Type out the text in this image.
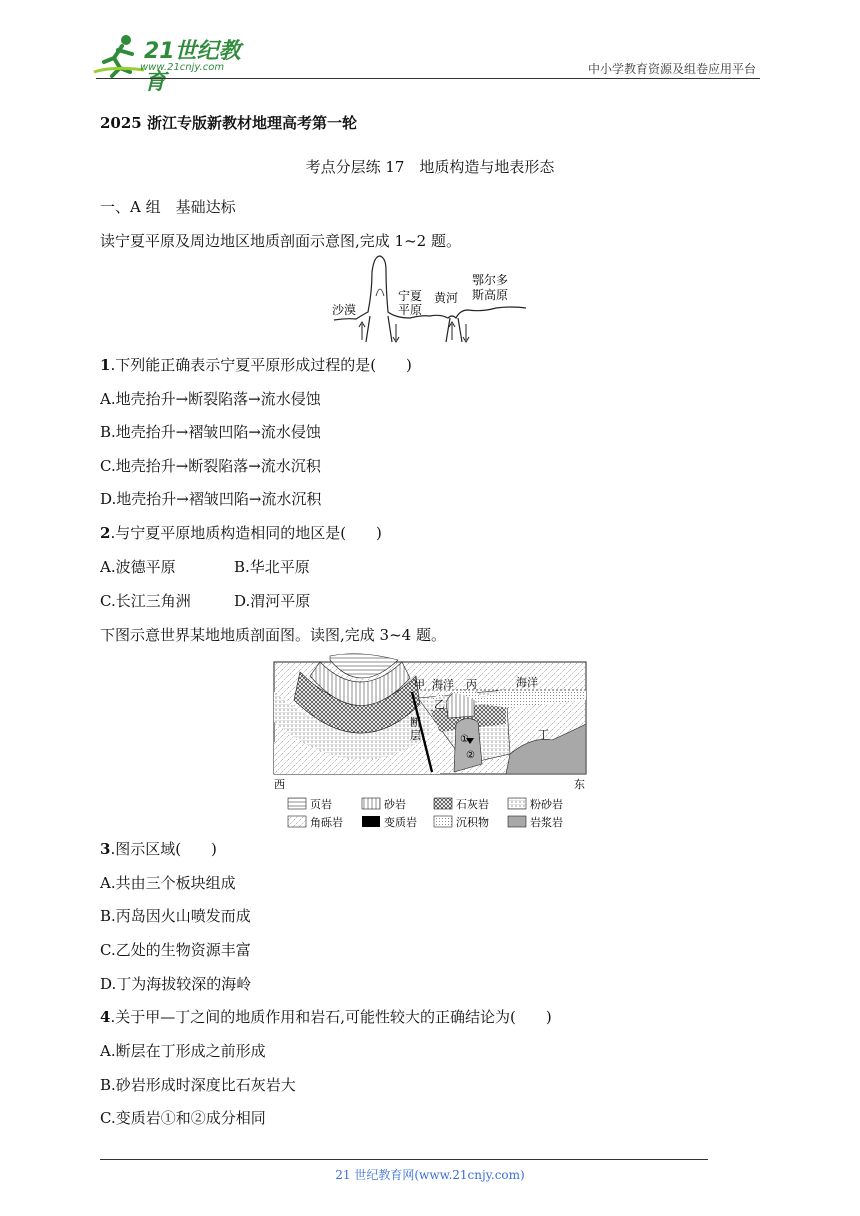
21世纪教育
www.21cnjy.com	中小学教育资源及组卷应用平台
2025 浙江专版新教材地理高考第一轮
考点分层练 17　地质构造与地表形态
一、A 组　基础达标
读宁夏平原及周边地区地质剖面示意图,完成 1~2 题。
沙漠
宁夏
平原
黄河
鄂尔多
斯高原
1.下列能正确表示宁夏平原形成过程的是(　　)
A.地壳抬升→断裂陷落→流水侵蚀
B.地壳抬升→褶皱凹陷→流水侵蚀
C.地壳抬升→断裂陷落→流水沉积
D.地壳抬升→褶皱凹陷→流水沉积
2.与宁夏平原地质构造相同的地区是(　　)
A.波德平原	B.华北平原
C.长江三角洲	D.渭河平原
下图示意世界某地地质剖面图。读图,完成 3~4 题。
甲 海洋 丙	海洋
乙
断
层	丁
①
②
西	东
页岩	砂岩	石灰岩	粉砂岩
角砾岩	变质岩	沉积物	岩浆岩
3.图示区域(　　)
A.共由三个板块组成
B.丙岛因火山喷发而成
C.乙处的生物资源丰富
D.丁为海拔较深的海岭
4.关于甲—丁之间的地质作用和岩石,可能性较大的正确结论为(　　)
A.断层在丁形成之前形成
B.砂岩形成时深度比石灰岩大
C.变质岩①和②成分相同
21 世纪教育网(www.21cnjy.com)
